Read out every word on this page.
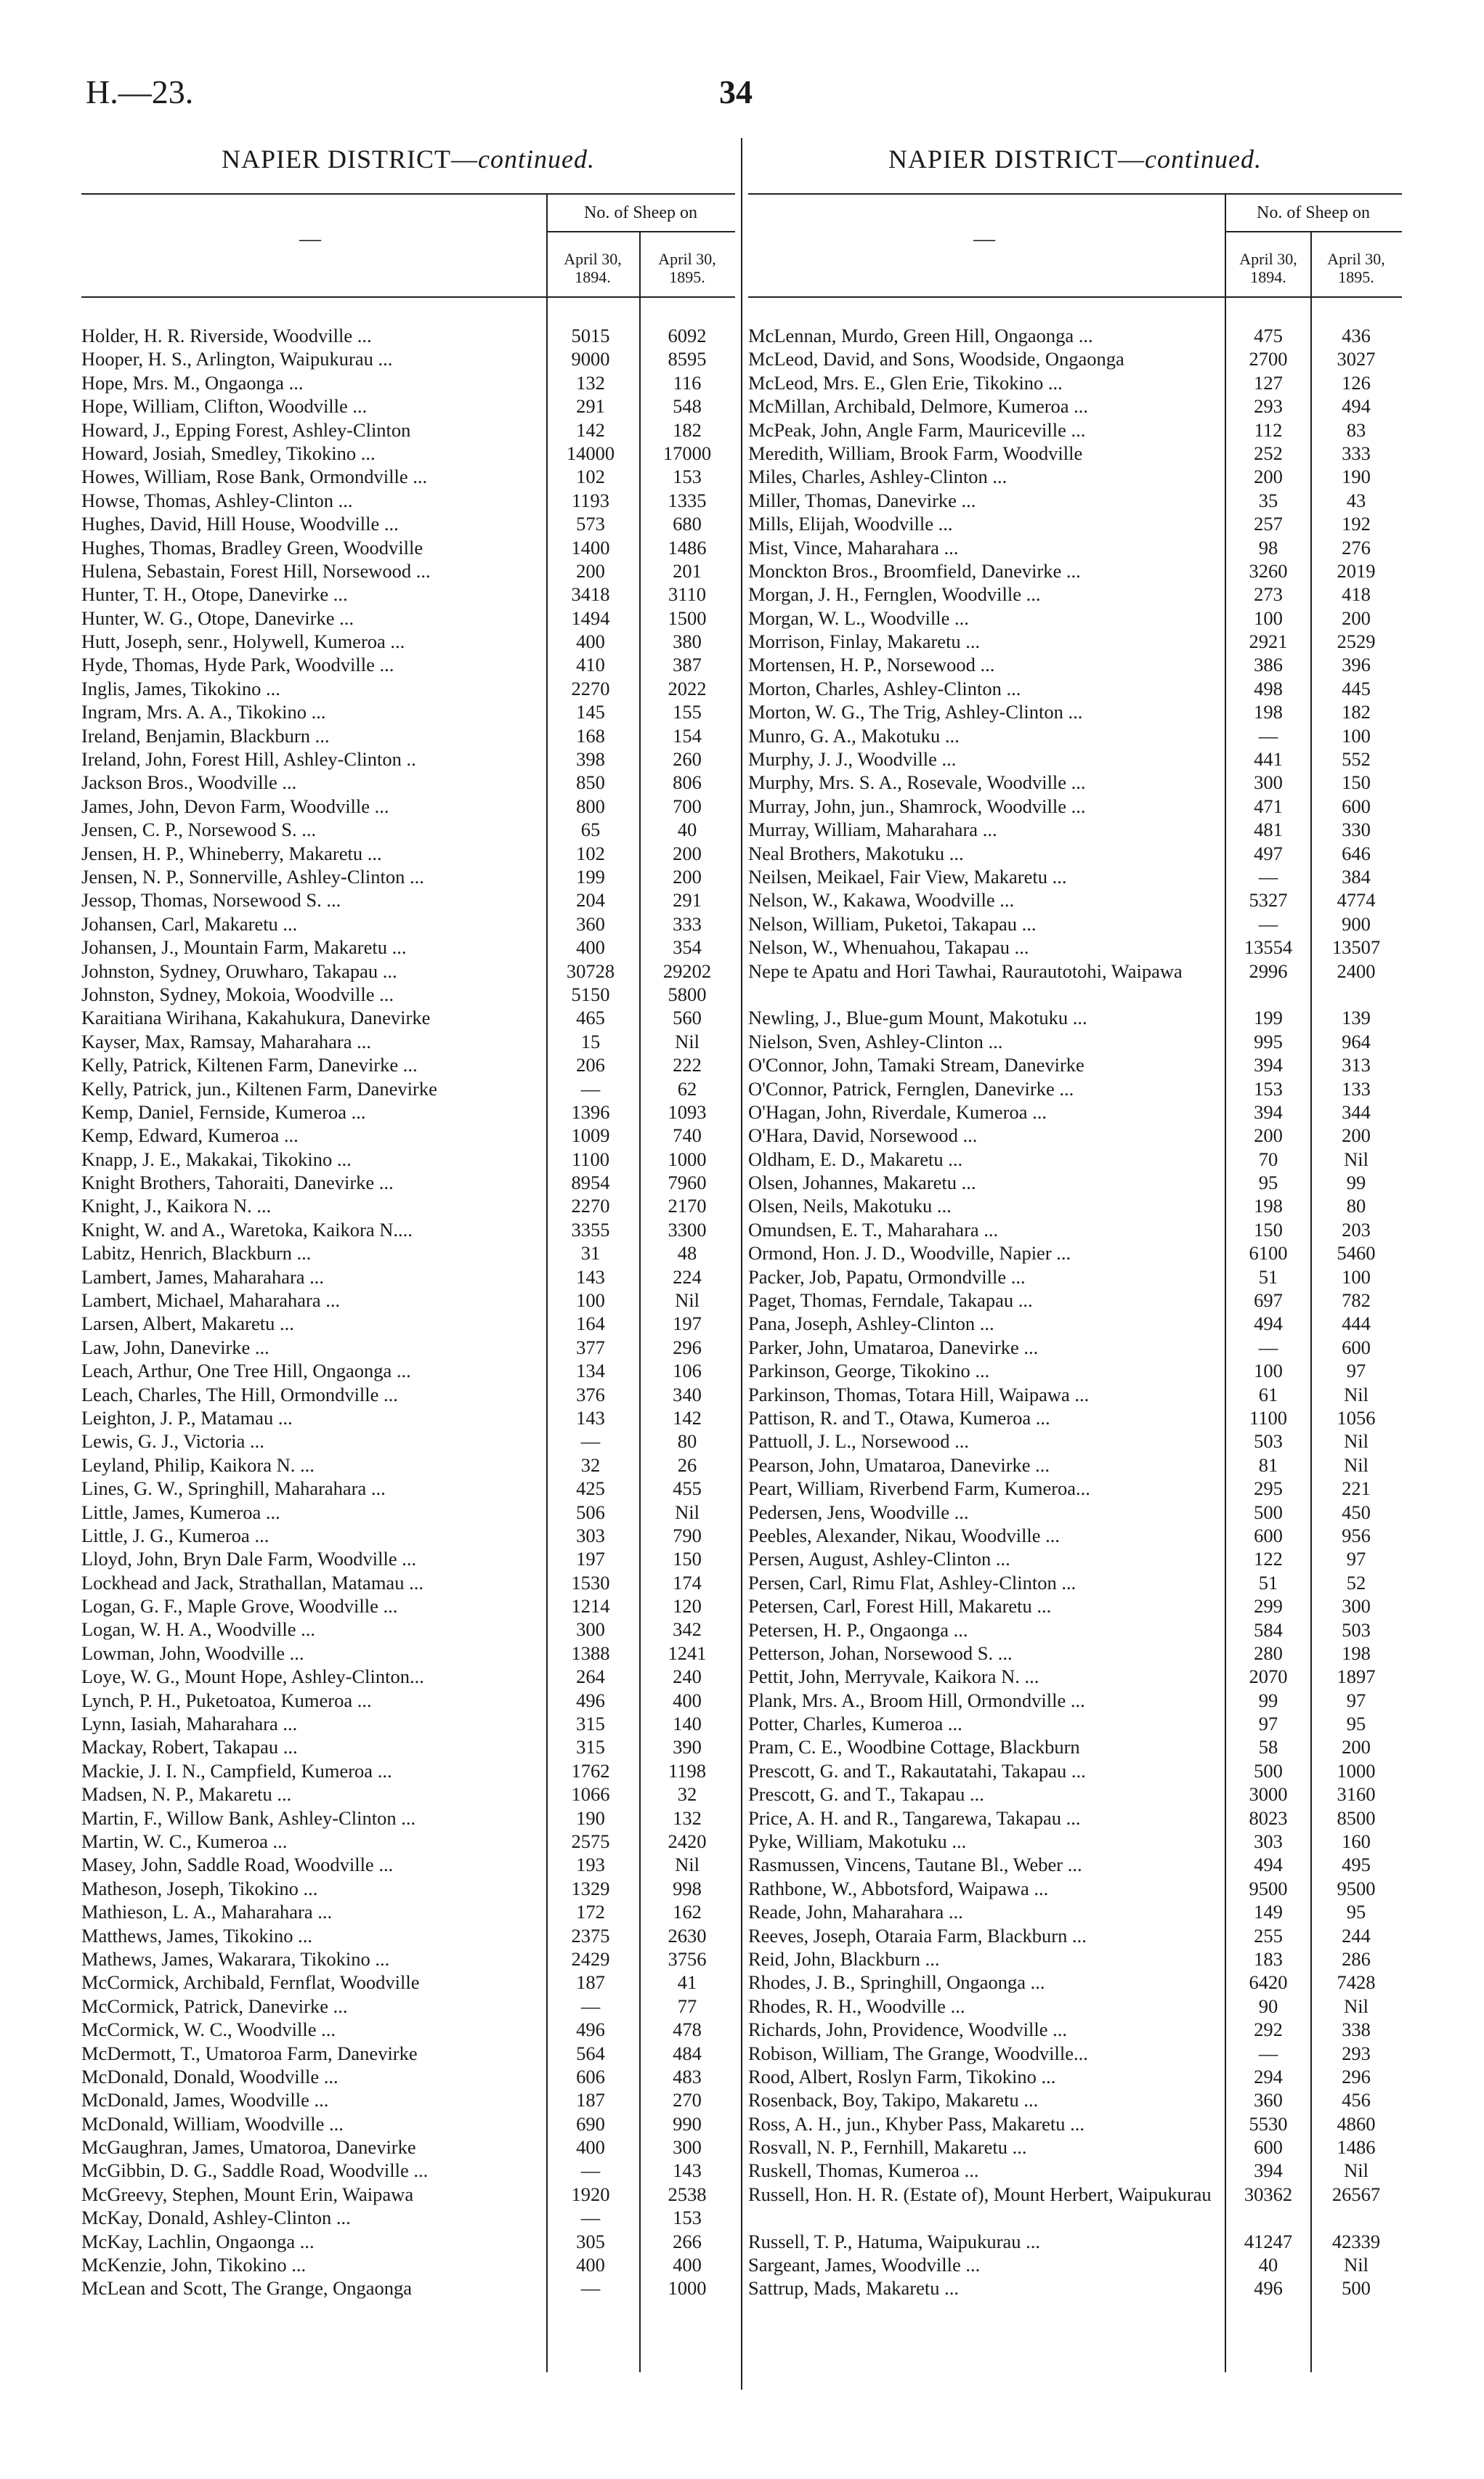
H.—23.	34
NAPIER DISTRICT—continued.
No. of Sheep on
—
April 30, 1894.
April 30, 1895.
Holder, H. R. Riverside, Woodville ...	5015	6092
Hooper, H. S., Arlington, Waipukurau ...	9000	8595
Hope, Mrs. M., Ongaonga ...	132	116
Hope, William, Clifton, Woodville ...	291	548
Howard, J., Epping Forest, Ashley-Clinton	142	182
Howard, Josiah, Smedley, Tikokino ...	14000	17000
Howes, William, Rose Bank, Ormondville ...	102	153
Howse, Thomas, Ashley-Clinton ...	1193	1335
Hughes, David, Hill House, Woodville ...	573	680
Hughes, Thomas, Bradley Green, Woodville	1400	1486
Hulena, Sebastain, Forest Hill, Norsewood ...	200	201
Hunter, T. H., Otope, Danevirke ...	3418	3110
Hunter, W. G., Otope, Danevirke ...	1494	1500
Hutt, Joseph, senr., Holywell, Kumeroa ...	400	380
Hyde, Thomas, Hyde Park, Woodville ...	410	387
Inglis, James, Tikokino ...	2270	2022
Ingram, Mrs. A. A., Tikokino ...	145	155
Ireland, Benjamin, Blackburn ...	168	154
Ireland, John, Forest Hill, Ashley-Clinton ..	398	260
Jackson Bros., Woodville ...	850	806
James, John, Devon Farm, Woodville ...	800	700
Jensen, C. P., Norsewood S. ...	65	40
Jensen, H. P., Whineberry, Makaretu ...	102	200
Jensen, N. P., Sonnerville, Ashley-Clinton ...	199	200
Jessop, Thomas, Norsewood S. ...	204	291
Johansen, Carl, Makaretu ...	360	333
Johansen, J., Mountain Farm, Makaretu ...	400	354
Johnston, Sydney, Oruwharo, Takapau ...	30728	29202
Johnston, Sydney, Mokoia, Woodville ...	5150	5800
Karaitiana Wirihana, Kakahukura, Danevirke	465	560
Kayser, Max, Ramsay, Maharahara ...	15	Nil
Kelly, Patrick, Kiltenen Farm, Danevirke ...	206	222
Kelly, Patrick, jun., Kiltenen Farm, Danevirke	—	62
Kemp, Daniel, Fernside, Kumeroa ...	1396	1093
Kemp, Edward, Kumeroa ...	1009	740
Knapp, J. E., Makakai, Tikokino ...	1100	1000
Knight Brothers, Tahoraiti, Danevirke ...	8954	7960
Knight, J., Kaikora N. ...	2270	2170
Knight, W. and A., Waretoka, Kaikora N....	3355	3300
Labitz, Henrich, Blackburn ...	31	48
Lambert, James, Maharahara ...	143	224
Lambert, Michael, Maharahara ...	100	Nil
Larsen, Albert, Makaretu ...	164	197
Law, John, Danevirke ...	377	296
Leach, Arthur, One Tree Hill, Ongaonga ...	134	106
Leach, Charles, The Hill, Ormondville ...	376	340
Leighton, J. P., Matamau ...	143	142
Lewis, G. J., Victoria ...	—	80
Leyland, Philip, Kaikora N. ...	32	26
Lines, G. W., Springhill, Maharahara ...	425	455
Little, James, Kumeroa ...	506	Nil
Little, J. G., Kumeroa ...	303	790
Lloyd, John, Bryn Dale Farm, Woodville ...	197	150
Lockhead and Jack, Strathallan, Matamau ...	1530	174
Logan, G. F., Maple Grove, Woodville ...	1214	120
Logan, W. H. A., Woodville ...	300	342
Lowman, John, Woodville ...	1388	1241
Loye, W. G., Mount Hope, Ashley-Clinton...	264	240
Lynch, P. H., Puketoatoa, Kumeroa ...	496	400
Lynn, Iasiah, Maharahara ...	315	140
Mackay, Robert, Takapau ...	315	390
Mackie, J. I. N., Campfield, Kumeroa ...	1762	1198
Madsen, N. P., Makaretu ...	1066	32
Martin, F., Willow Bank, Ashley-Clinton ...	190	132
Martin, W. C., Kumeroa ...	2575	2420
Masey, John, Saddle Road, Woodville ...	193	Nil
Matheson, Joseph, Tikokino ...	1329	998
Mathieson, L. A., Maharahara ...	172	162
Matthews, James, Tikokino ...	2375	2630
Mathews, James, Wakarara, Tikokino ...	2429	3756
McCormick, Archibald, Fernflat, Woodville	187	41
McCormick, Patrick, Danevirke ...	—	77
McCormick, W. C., Woodville ...	496	478
McDermott, T., Umatoroa Farm, Danevirke	564	484
McDonald, Donald, Woodville ...	606	483
McDonald, James, Woodville ...	187	270
McDonald, William, Woodville ...	690	990
McGaughran, James, Umatoroa, Danevirke	400	300
McGibbin, D. G., Saddle Road, Woodville ...	—	143
McGreevy, Stephen, Mount Erin, Waipawa	1920	2538
McKay, Donald, Ashley-Clinton ...	—	153
McKay, Lachlin, Ongaonga ...	305	266
McKenzie, John, Tikokino ...	400	400
McLean and Scott, The Grange, Ongaonga	—	1000
NAPIER DISTRICT—continued.
No. of Sheep on
—
April 30, 1894.
April 30, 1895.
McLennan, Murdo, Green Hill, Ongaonga ...	475	436
McLeod, David, and Sons, Woodside, Ongaonga	2700	3027
McLeod, Mrs. E., Glen Erie, Tikokino ...	127	126
McMillan, Archibald, Delmore, Kumeroa ...	293	494
McPeak, John, Angle Farm, Mauriceville ...	112	83
Meredith, William, Brook Farm, Woodville	252	333
Miles, Charles, Ashley-Clinton ...	200	190
Miller, Thomas, Danevirke ...	35	43
Mills, Elijah, Woodville ...	257	192
Mist, Vince, Maharahara ...	98	276
Monckton Bros., Broomfield, Danevirke ...	3260	2019
Morgan, J. H., Fernglen, Woodville ...	273	418
Morgan, W. L., Woodville ...	100	200
Morrison, Finlay, Makaretu ...	2921	2529
Mortensen, H. P., Norsewood ...	386	396
Morton, Charles, Ashley-Clinton ...	498	445
Morton, W. G., The Trig, Ashley-Clinton ...	198	182
Munro, G. A., Makotuku ...	—	100
Murphy, J. J., Woodville ...	441	552
Murphy, Mrs. S. A., Rosevale, Woodville ...	300	150
Murray, John, jun., Shamrock, Woodville ...	471	600
Murray, William, Maharahara ...	481	330
Neal Brothers, Makotuku ...	497	646
Neilsen, Meikael, Fair View, Makaretu ...	—	384
Nelson, W., Kakawa, Woodville ...	5327	4774
Nelson, William, Puketoi, Takapau ...	—	900
Nelson, W., Whenuahou, Takapau ...	13554	13507
Nepe te Apatu and Hori Tawhai, Raurautotohi, Waipawa	2996	2400
Newling, J., Blue-gum Mount, Makotuku ...	199	139
Nielson, Sven, Ashley-Clinton ...	995	964
O'Connor, John, Tamaki Stream, Danevirke	394	313
O'Connor, Patrick, Fernglen, Danevirke ...	153	133
O'Hagan, John, Riverdale, Kumeroa ...	394	344
O'Hara, David, Norsewood ...	200	200
Oldham, E. D., Makaretu ...	70	Nil
Olsen, Johannes, Makaretu ...	95	99
Olsen, Neils, Makotuku ...	198	80
Omundsen, E. T., Maharahara ...	150	203
Ormond, Hon. J. D., Woodville, Napier ...	6100	5460
Packer, Job, Papatu, Ormondville ...	51	100
Paget, Thomas, Ferndale, Takapau ...	697	782
Pana, Joseph, Ashley-Clinton ...	494	444
Parker, John, Umataroa, Danevirke ...	—	600
Parkinson, George, Tikokino ...	100	97
Parkinson, Thomas, Totara Hill, Waipawa ...	61	Nil
Pattison, R. and T., Otawa, Kumeroa ...	1100	1056
Pattuoll, J. L., Norsewood ...	503	Nil
Pearson, John, Umataroa, Danevirke ...	81	Nil
Peart, William, Riverbend Farm, Kumeroa...	295	221
Pedersen, Jens, Woodville ...	500	450
Peebles, Alexander, Nikau, Woodville ...	600	956
Persen, August, Ashley-Clinton ...	122	97
Persen, Carl, Rimu Flat, Ashley-Clinton ...	51	52
Petersen, Carl, Forest Hill, Makaretu ...	299	300
Petersen, H. P., Ongaonga ...	584	503
Petterson, Johan, Norsewood S. ...	280	198
Pettit, John, Merryvale, Kaikora N. ...	2070	1897
Plank, Mrs. A., Broom Hill, Ormondville ...	99	97
Potter, Charles, Kumeroa ...	97	95
Pram, C. E., Woodbine Cottage, Blackburn	58	200
Prescott, G. and T., Rakautatahi, Takapau ...	500	1000
Prescott, G. and T., Takapau ...	3000	3160
Price, A. H. and R., Tangarewa, Takapau ...	8023	8500
Pyke, William, Makotuku ...	303	160
Rasmussen, Vincens, Tautane Bl., Weber ...	494	495
Rathbone, W., Abbotsford, Waipawa ...	9500	9500
Reade, John, Maharahara ...	149	95
Reeves, Joseph, Otaraia Farm, Blackburn ...	255	244
Reid, John, Blackburn ...	183	286
Rhodes, J. B., Springhill, Ongaonga ...	6420	7428
Rhodes, R. H., Woodville ...	90	Nil
Richards, John, Providence, Woodville ...	292	338
Robison, William, The Grange, Woodville...	—	293
Rood, Albert, Roslyn Farm, Tikokino ...	294	296
Rosenback, Boy, Takipo, Makaretu ...	360	456
Ross, A. H., jun., Khyber Pass, Makaretu ...	5530	4860
Rosvall, N. P., Fernhill, Makaretu ...	600	1486
Ruskell, Thomas, Kumeroa ...	394	Nil
Russell, Hon. H. R. (Estate of), Mount Herbert, Waipukurau	30362	26567
Russell, T. P., Hatuma, Waipukurau ...	41247	42339
Sargeant, James, Woodville ...	40	Nil
Sattrup, Mads, Makaretu ...	496	500
